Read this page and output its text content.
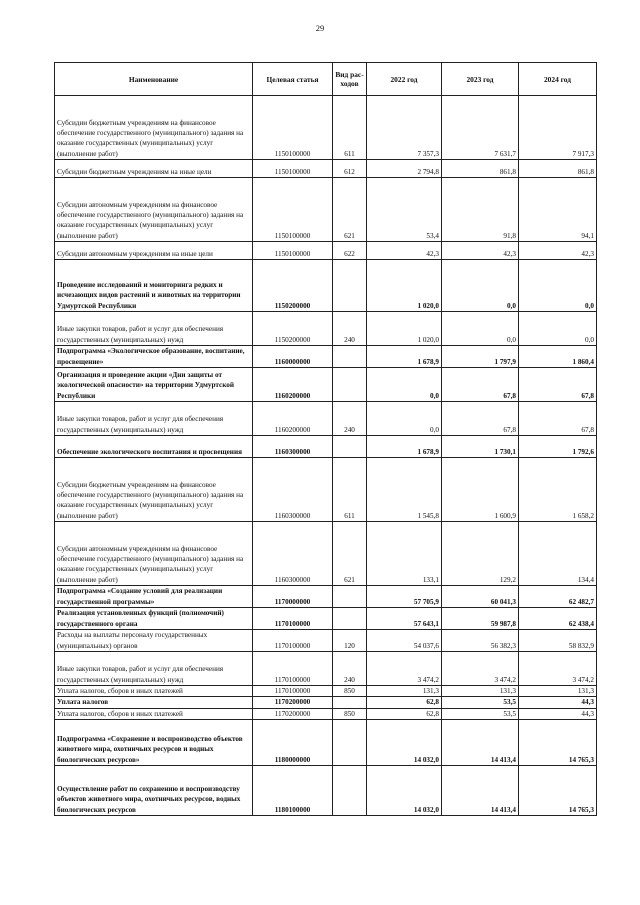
29
Наименование	Целевая статья	Вид рас- ходов	2022 год	2023 год	2024 год
Субсидии бюджетным учреждениям на финансовое обеспечение государственного (муниципального) задания на оказание государственных (муниципальных) услуг (выполнение работ)	1150100000	611	7 357,3	7 631,7	7 917,3
Субсидии бюджетным учреждениям на иные цели	1150100000	612	2 794,8	861,8	861,8
Субсидии автономным учреждениям на финансовое обеспечение государственного (муниципального) задания на оказание государственных (муниципальных) услуг (выполнение работ)	1150100000	621	53,4	91,8	94,1
Субсидии автономным учреждениям на иные цели	1150100000	622	42,3	42,3	42,3
Проведение исследований и мониторинга редких и исчезающих видов растений и животных на территории Удмуртской Республики	1150200000		1 020,0	0,0	0,0
Иные закупки товаров, работ и услуг для обеспечения государственных (муниципальных) нужд	1150200000	240	1 020,0	0,0	0,0
Подпрограмма «Экологическое образование, воспитание, просвещение»	1160000000		1 678,9	1 797,9	1 860,4
Организация и проведение акции «Дни защиты от экологической опасности» на территории Удмуртской Республики	1160200000		0,0	67,8	67,8
Иные закупки товаров, работ и услуг для обеспечения государственных (муниципальных) нужд	1160200000	240	0,0	67,8	67,8
Обеспечение экологического воспитания и просвещения	1160300000		1 678,9	1 730,1	1 792,6
Субсидии бюджетным учреждениям на финансовое обеспечение государственного (муниципального) задания на оказание государственных (муниципальных) услуг (выполнение работ)	1160300000	611	1 545,8	1 600,9	1 658,2
Субсидии автономным учреждениям на финансовое обеспечение государственного (муниципального) задания на оказание государственных (муниципальных) услуг (выполнение работ)	1160300000	621	133,1	129,2	134,4
Подпрограмма «Создание условий для реализации государственной программы»	1170000000		57 705,9	60 041,3	62 482,7
Реализация установленных функций (полномочий) государственного органа	1170100000		57 643,1	59 987,8	62 438,4
Расходы на выплаты персоналу государственных (муниципальных) органов	1170100000	120	54 037,6	56 382,3	58 832,9
Иные закупки товаров, работ и услуг для обеспечения государственных (муниципальных) нужд	1170100000	240	3 474,2	3 474,2	3 474,2
Уплата налогов, сборов и иных платежей	1170100000	850	131,3	131,3	131,3
Уплата налогов	1170200000		62,8	53,5	44,3
Уплата налогов, сборов и иных платежей	1170200000	850	62,8	53,5	44,3
Подпрограмма «Сохранение и воспроизводство объектов животного мира, охотничьих ресурсов и водных биологических ресурсов»	1180000000		14 032,0	14 413,4	14 765,3
Осуществление работ по сохранению и воспроизводству объектов животного мира, охотничьих ресурсов, водных биологических ресурсов	1180100000		14 032,0	14 413,4	14 765,3
